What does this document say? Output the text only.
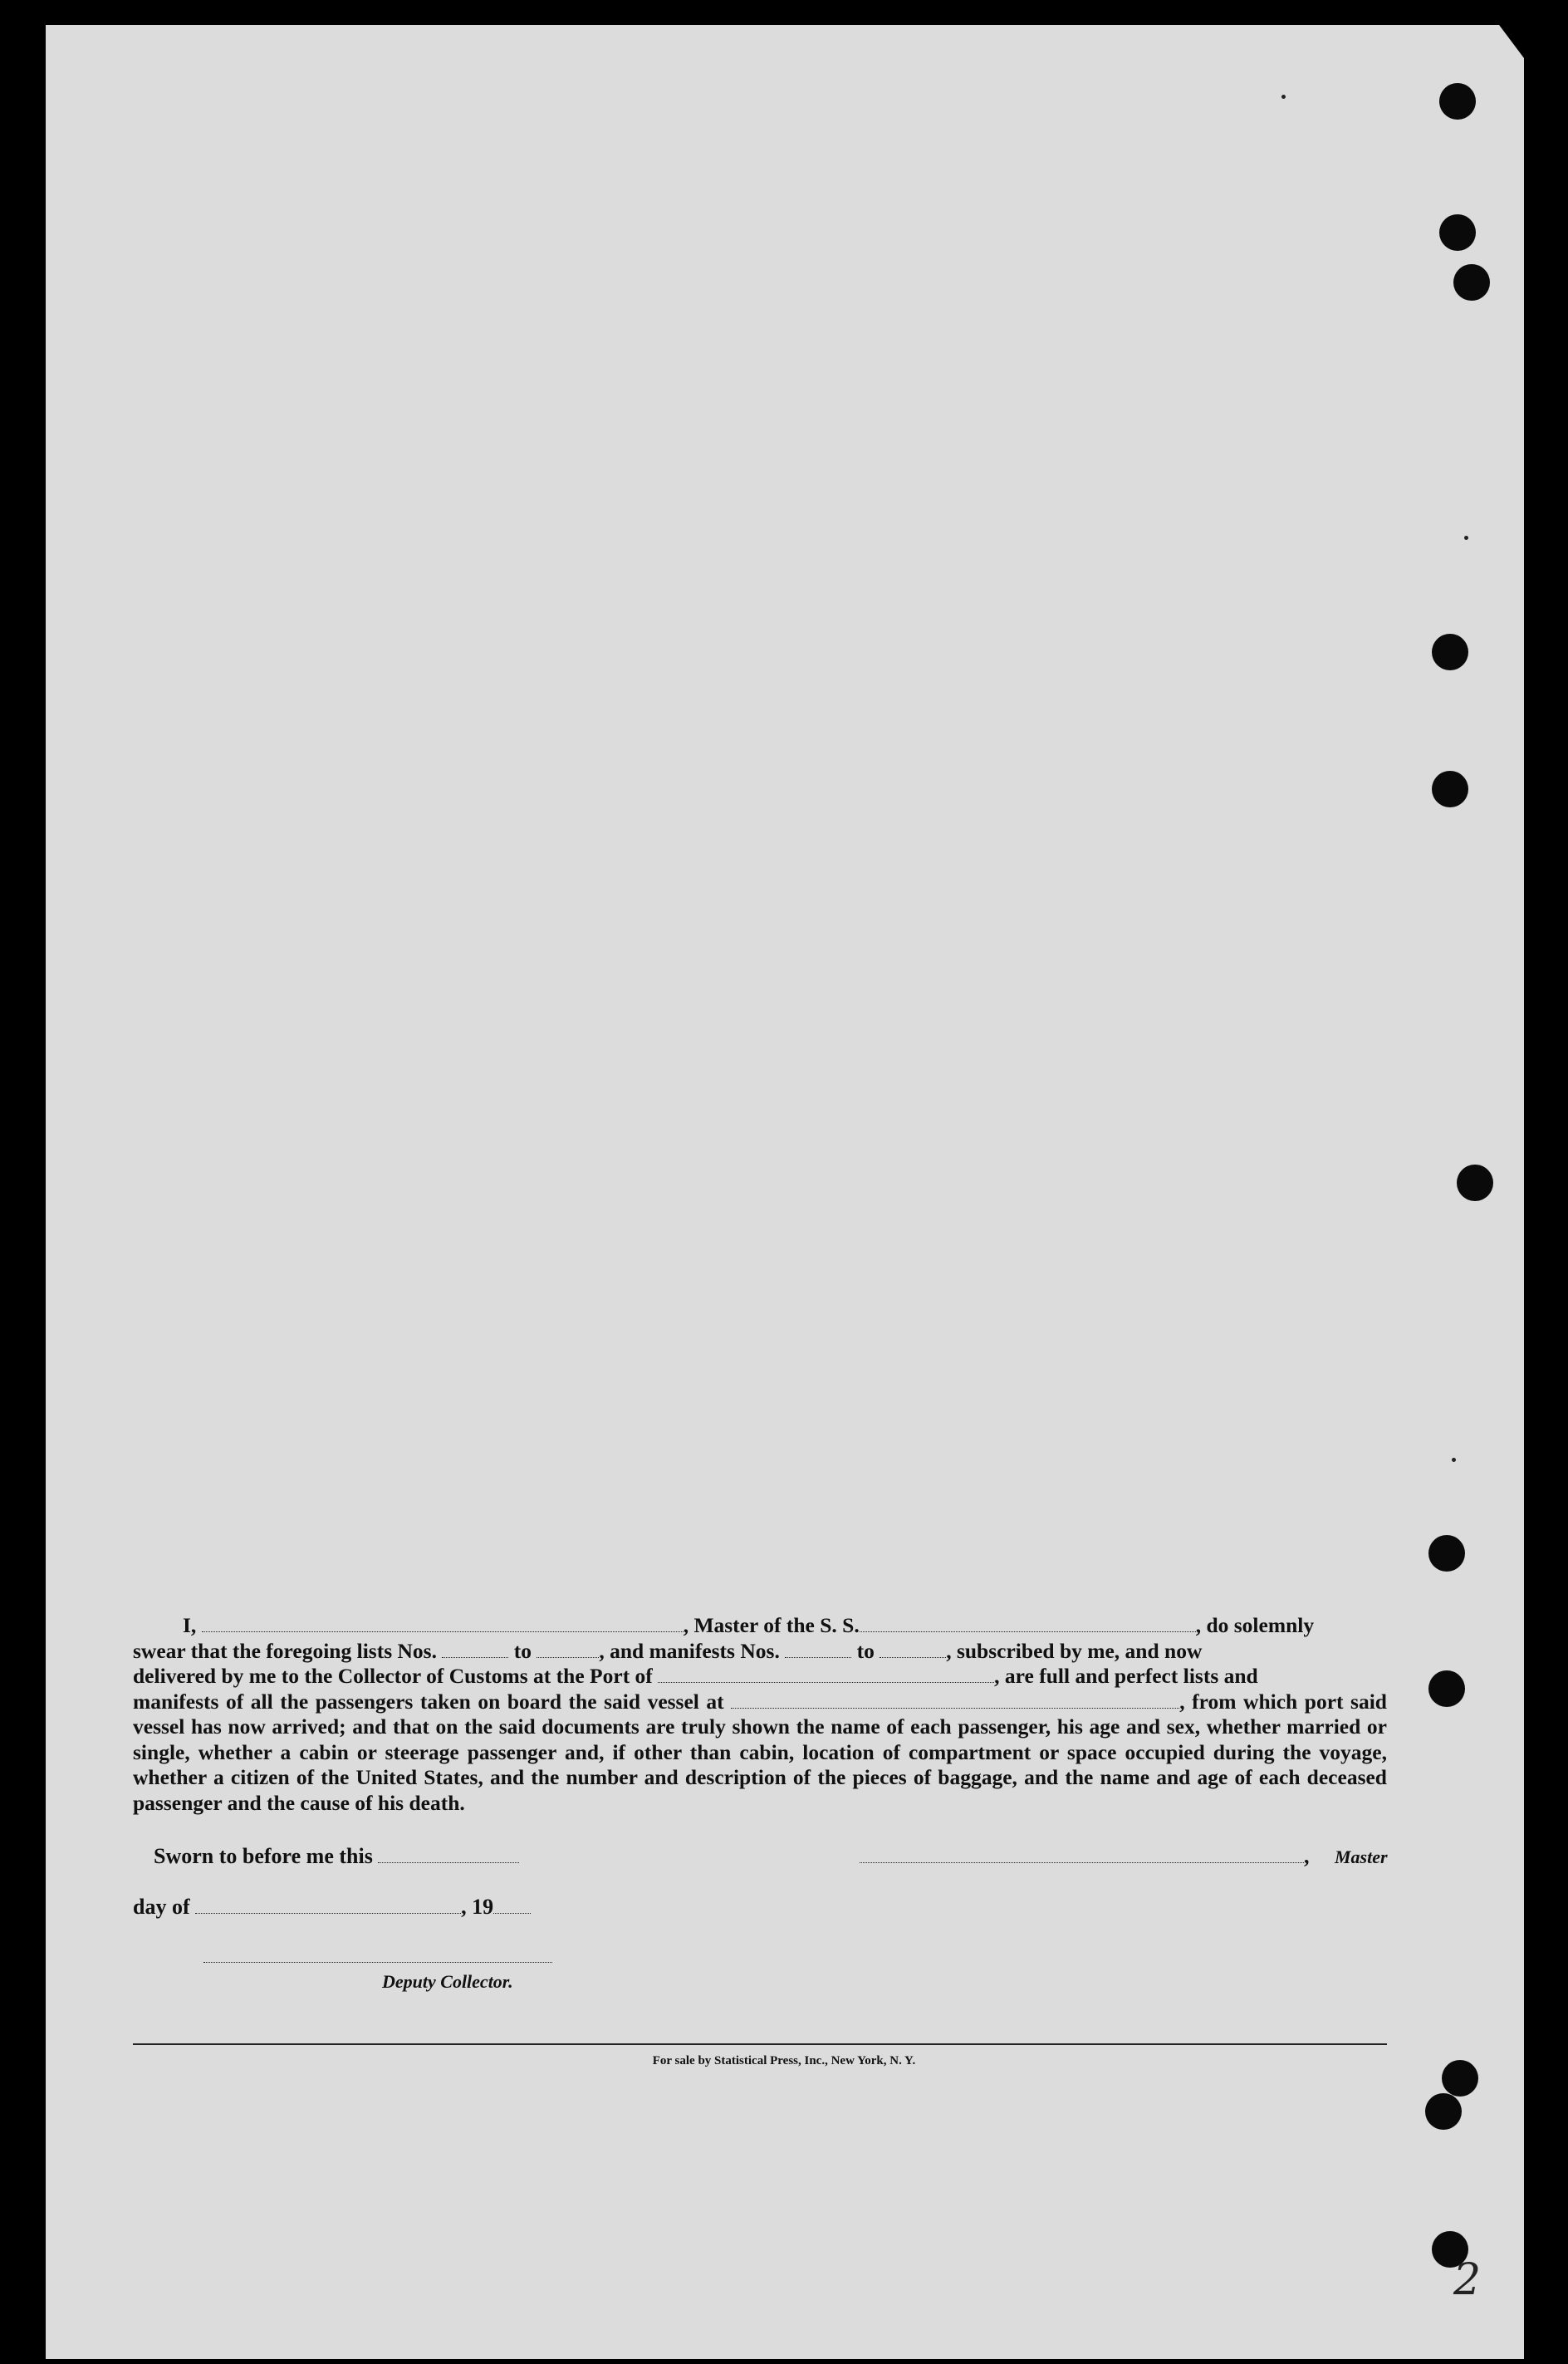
I,	, Master of the S. S.	, do solemnly
swear that the foregoing lists Nos.	to	, and manifests Nos.	to	, subscribed by me, and now
delivered by me to the Collector of Customs at the Port of	, are full and perfect lists and
manifests of all the passengers taken on board the said vessel at	, from which port said vessel has now arrived; and that on the said documents are truly shown the name of each passenger, his age and sex, whether married or single, whether a cabin or steerage passenger and, if other than cabin, location of compartment or space occupied during the voyage, whether a citizen of the United States, and the number and description of the pieces of baggage, and the name and age of each deceased passenger and the cause of his death.
Sworn to before me this	, Master
day of	, 19
Deputy Collector.
For sale by Statistical Press, Inc., New York, N. Y.
2
